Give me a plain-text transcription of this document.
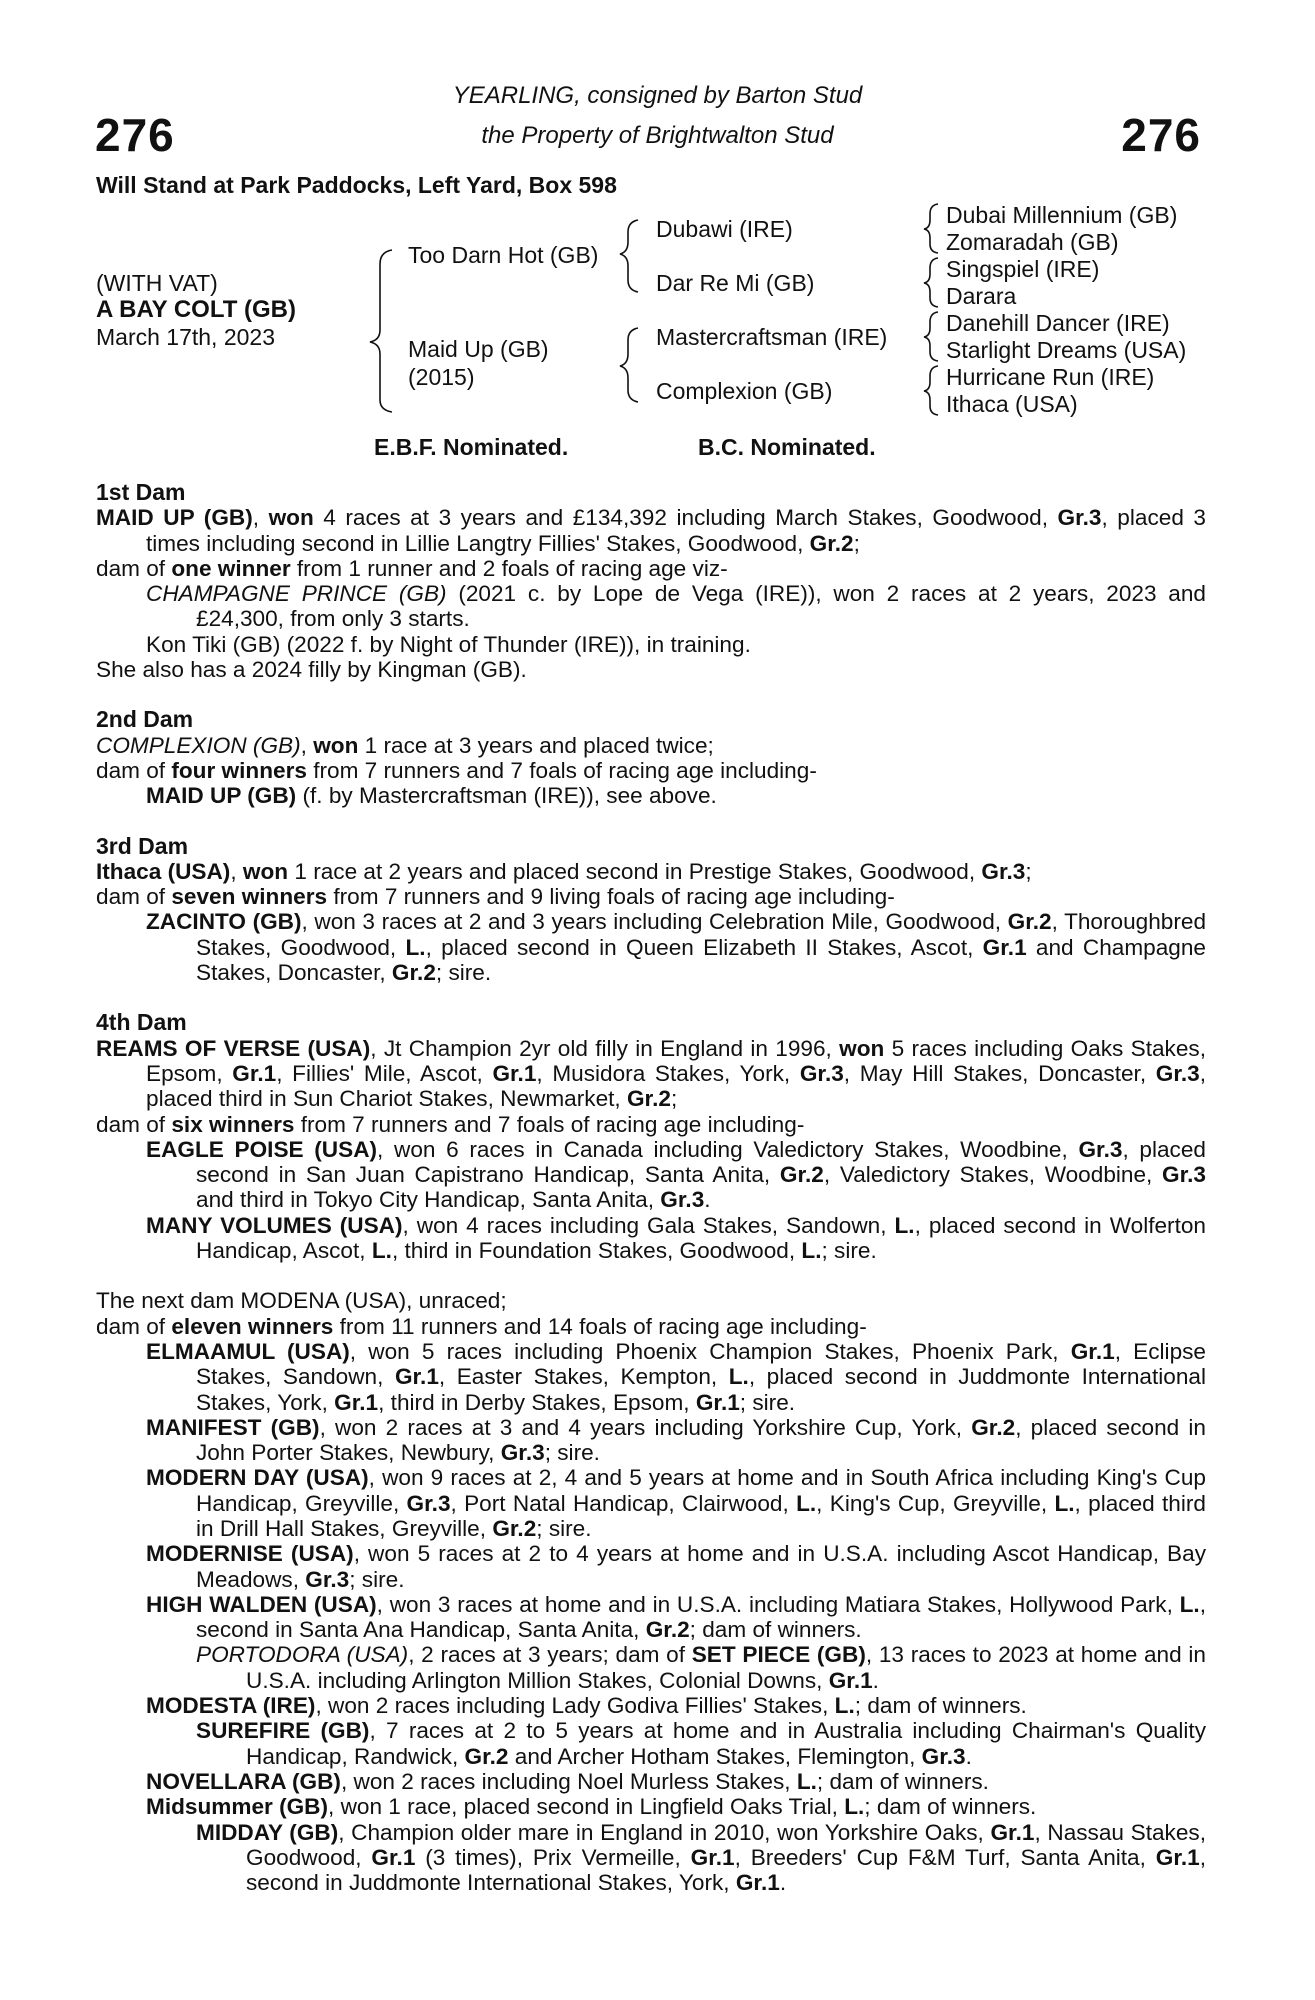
276	276
YEARLING, consigned by Barton Stud
the Property of Brightwalton Stud
Will Stand at Park Paddocks, Left Yard, Box 598
(WITH VAT)
A BAY COLT (GB)
March 17th, 2023
Too Darn Hot (GB)
Maid Up (GB)
(2015)
Dubawi (IRE)
Dar Re Mi (GB)
Mastercraftsman (IRE)
Complexion (GB)
Dubai Millennium (GB)
Zomaradah (GB)
Singspiel (IRE)
Darara
Danehill Dancer (IRE)
Starlight Dreams (USA)
Hurricane Run (IRE)
Ithaca (USA)
E.B.F. Nominated.	B.C. Nominated.

1st Dam

MAID UP (GB), won 4 races at 3 years and £134,392 including March Stakes, Goodwood, Gr.3, placed 3 times including second in Lillie Langtry Fillies' Stakes, Goodwood, Gr.2;

dam of one winner from 1 runner and 2 foals of racing age viz-

CHAMPAGNE PRINCE (GB) (2021 c. by Lope de Vega (IRE)), won 2 races at 2 years, 2023 and £24,300, from only 3 starts.

Kon Tiki (GB) (2022 f. by Night of Thunder (IRE)), in training.

She also has a 2024 filly by Kingman (GB).

2nd Dam

COMPLEXION (GB), won 1 race at 3 years and placed twice;

dam of four winners from 7 runners and 7 foals of racing age including-

MAID UP (GB) (f. by Mastercraftsman (IRE)), see above.

3rd Dam

Ithaca (USA), won 1 race at 2 years and placed second in Prestige Stakes, Goodwood, Gr.3;

dam of seven winners from 7 runners and 9 living foals of racing age including-

ZACINTO (GB), won 3 races at 2 and 3 years including Celebration Mile, Goodwood, Gr.2, Thoroughbred Stakes, Goodwood, L., placed second in Queen Elizabeth II Stakes, Ascot, Gr.1 and Champagne Stakes, Doncaster, Gr.2; sire.

4th Dam

REAMS OF VERSE (USA), Jt Champion 2yr old filly in England in 1996, won 5 races including Oaks Stakes, Epsom, Gr.1, Fillies' Mile, Ascot, Gr.1, Musidora Stakes, York, Gr.3, May Hill Stakes, Doncaster, Gr.3, placed third in Sun Chariot Stakes, Newmarket, Gr.2;

dam of six winners from 7 runners and 7 foals of racing age including-

EAGLE POISE (USA), won 6 races in Canada including Valedictory Stakes, Woodbine, Gr.3, placed second in San Juan Capistrano Handicap, Santa Anita, Gr.2, Valedictory Stakes, Woodbine, Gr.3 and third in Tokyo City Handicap, Santa Anita, Gr.3.

MANY VOLUMES (USA), won 4 races including Gala Stakes, Sandown, L., placed second in Wolferton Handicap, Ascot, L., third in Foundation Stakes, Goodwood, L.; sire.

The next dam MODENA (USA), unraced;

dam of eleven winners from 11 runners and 14 foals of racing age including-

ELMAAMUL (USA), won 5 races including Phoenix Champion Stakes, Phoenix Park, Gr.1, Eclipse Stakes, Sandown, Gr.1, Easter Stakes, Kempton, L., placed second in Juddmonte International Stakes, York, Gr.1, third in Derby Stakes, Epsom, Gr.1; sire.

MANIFEST (GB), won 2 races at 3 and 4 years including Yorkshire Cup, York, Gr.2, placed second in John Porter Stakes, Newbury, Gr.3; sire.

MODERN DAY (USA), won 9 races at 2, 4 and 5 years at home and in South Africa including King's Cup Handicap, Greyville, Gr.3, Port Natal Handicap, Clairwood, L., King's Cup, Greyville, L., placed third in Drill Hall Stakes, Greyville, Gr.2; sire.

MODERNISE (USA), won 5 races at 2 to 4 years at home and in U.S.A. including Ascot Handicap, Bay Meadows, Gr.3; sire.

HIGH WALDEN (USA), won 3 races at home and in U.S.A. including Matiara Stakes, Hollywood Park, L., second in Santa Ana Handicap, Santa Anita, Gr.2; dam of winners.

PORTODORA (USA), 2 races at 3 years; dam of SET PIECE (GB), 13 races to 2023 at home and in U.S.A. including Arlington Million Stakes, Colonial Downs, Gr.1.

MODESTA (IRE), won 2 races including Lady Godiva Fillies' Stakes, L.; dam of winners.

SUREFIRE (GB), 7 races at 2 to 5 years at home and in Australia including Chairman's Quality Handicap, Randwick, Gr.2 and Archer Hotham Stakes, Flemington, Gr.3.

NOVELLARA (GB), won 2 races including Noel Murless Stakes, L.; dam of winners.

Midsummer (GB), won 1 race, placed second in Lingfield Oaks Trial, L.; dam of winners.

MIDDAY (GB), Champion older mare in England in 2010, won Yorkshire Oaks, Gr.1, Nassau Stakes, Goodwood, Gr.1 (3 times), Prix Vermeille, Gr.1, Breeders' Cup F&M Turf, Santa Anita, Gr.1, second in Juddmonte International Stakes, York, Gr.1.
